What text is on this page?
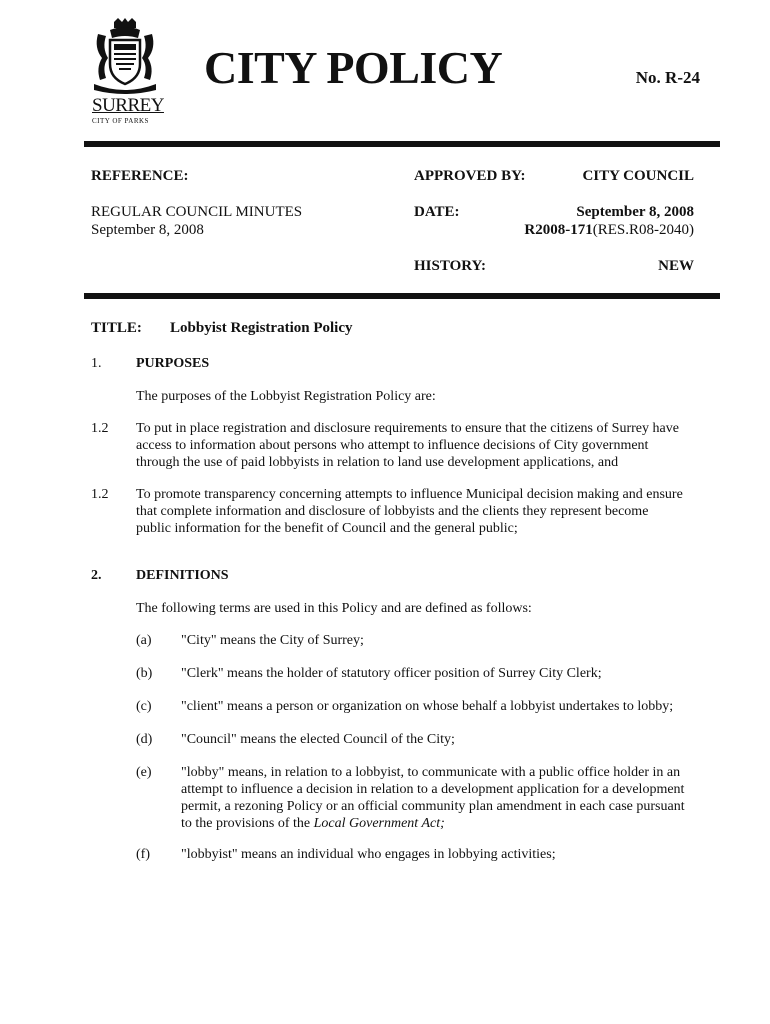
SURREY
CITY OF PARKS
CITY POLICY	No. R-24
REFERENCE:
REGULAR COUNCIL MINUTES
September 8, 2008
APPROVED BY:	CITY COUNCIL
DATE:	September 8, 2008
R2008-171(RES.R08-2040)
HISTORY:	NEW
TITLE: Lobbyist Registration Policy
1. PURPOSES
The purposes of the Lobbyist Registration Policy are:
1.2 To put in place registration and disclosure requirements to ensure that the citizens of Surrey have
access to information about persons who attempt to influence decisions of City government
through the use of paid lobbyists in relation to land use development applications, and
1.2 To promote transparency concerning attempts to influence Municipal decision making and ensure
that complete information and disclosure of lobbyists and the clients they represent become
public information for the benefit of Council and the general public;
2. DEFINITIONS
The following terms are used in this Policy and are defined as follows:
(a) "City" means the City of Surrey;
(b) "Clerk" means the holder of statutory officer position of Surrey City Clerk;
(c) "client" means a person or organization on whose behalf a lobbyist undertakes to lobby;
(d) "Council" means the elected Council of the City;
(e) "lobby" means, in relation to a lobbyist, to communicate with a public office holder in an
attempt to influence a decision in relation to a development application for a development
permit, a rezoning Policy or an official community plan amendment in each case pursuant
to the provisions of the Local Government Act;
(f) "lobbyist" means an individual who engages in lobbying activities;
